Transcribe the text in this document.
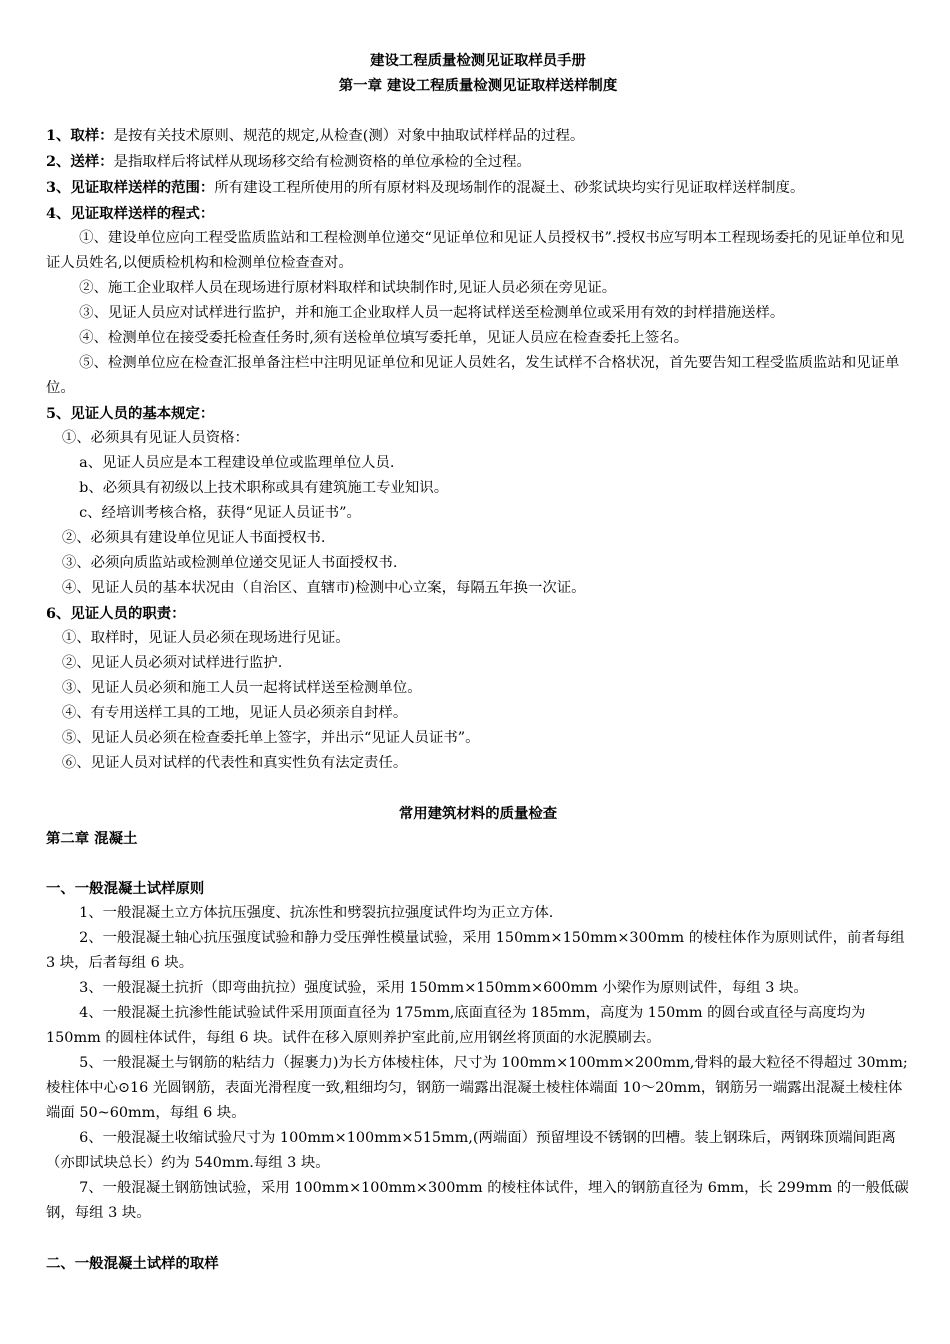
建设工程质量检测见证取样员手册

第一章 建设工程质量检测见证取样送样制度

1、取样：是按有关技术原则、规范的规定,从检查(测）对象中抽取试样样品的过程。

2、送样：是指取样后将试样从现场移交给有检测资格的单位承检的全过程。

3、见证取样送样的范围：所有建设工程所使用的所有原材料及现场制作的混凝土、砂浆试块均实行见证取样送样制度。

4、见证取样送样的程式：

①、建设单位应向工程受监质监站和工程检测单位递交“见证单位和见证人员授权书”.授权书应写明本工程现场委托的见证单位和见证人员姓名,以便质检机构和检测单位检查查对。

②、施工企业取样人员在现场进行原材料取样和试块制作时,见证人员必须在旁见证。

③、见证人员应对试样进行监护，并和施工企业取样人员一起将试样送至检测单位或采用有效的封样措施送样。

④、检测单位在接受委托检查任务时,须有送检单位填写委托单，见证人员应在检查委托上签名。

⑤、检测单位应在检查汇报单备注栏中注明见证单位和见证人员姓名，发生试样不合格状况，首先要告知工程受监质监站和见证单位。

5、见证人员的基本规定：

①、必须具有见证人员资格：

a、见证人员应是本工程建设单位或监理单位人员.

b、必须具有初级以上技术职称或具有建筑施工专业知识。

c、经培训考核合格，获得“见证人员证书”。

②、必须具有建设单位见证人书面授权书.

③、必须向质监站或检测单位递交见证人书面授权书.

④、见证人员的基本状况由（自治区、直辖市)检测中心立案，每隔五年换一次证。

6、见证人员的职责：

①、取样时，见证人员必须在现场进行见证。

②、见证人员必须对试样进行监护.

③、见证人员必须和施工人员一起将试样送至检测单位。

④、有专用送样工具的工地，见证人员必须亲自封样。

⑤、见证人员必须在检查委托单上签字，并出示“见证人员证书”。

⑥、见证人员对试样的代表性和真实性负有法定责任。

常用建筑材料的质量检查

第二章 混凝土

一、一般混凝土试样原则

1、一般混凝土立方体抗压强度、抗冻性和劈裂抗拉强度试件均为正立方体.

2、一般混凝土轴心抗压强度试验和静力受压弹性模量试验，采用 150mm×150mm×300mm 的棱柱体作为原则试件，前者每组 3 块，后者每组 6 块。

3、一般混凝土抗折（即弯曲抗拉）强度试验，采用 150mm×150mm×600mm 小梁作为原则试件，每组 3 块。

4、一般混凝土抗渗性能试验试件采用顶面直径为 175mm,底面直径为 185mm，高度为 150mm 的圆台或直径与高度均为 150mm 的圆柱体试件，每组 6 块。试件在移入原则养护室此前,应用钢丝将顶面的水泥膜刷去。

5、一般混凝土与钢筋的粘结力（握裹力)为长方体棱柱体，尺寸为 100mm×100mm×200mm,骨料的最大粒径不得超过 30mm;棱柱体中心⊙16 光圆钢筋，表面光滑程度一致,粗细均匀，钢筋一端露出混凝土棱柱体端面 10～20mm，钢筋另一端露出混凝土棱柱体端面 50~60mm，每组 6 块。

6、一般混凝土收缩试验尺寸为 100mm×100mm×515mm,(两端面）预留埋设不锈钢的凹槽。装上钢珠后，两钢珠顶端间距离（亦即试块总长）约为 540mm.每组 3 块。

7、一般混凝土钢筋蚀试验，采用 100mm×100mm×300mm 的棱柱体试件，埋入的钢筋直径为 6mm，长 299mm 的一般低碳钢，每组 3 块。

二、一般混凝土试样的取样
